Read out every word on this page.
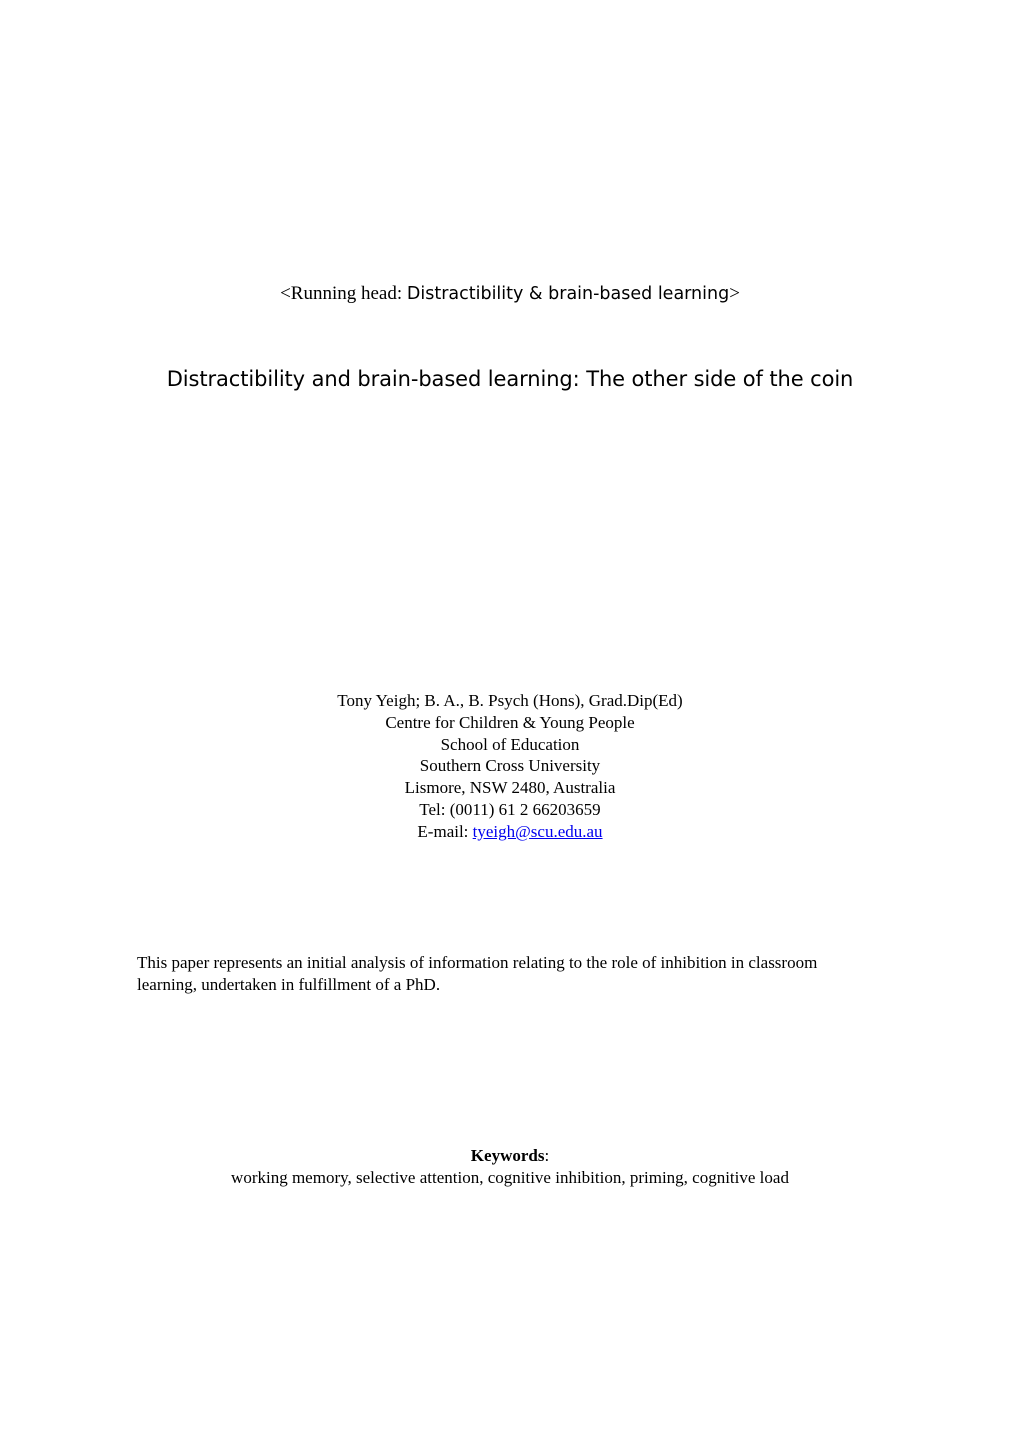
<Running head: Distractibility & brain-based learning>
Distractibility and brain-based learning: The other side of the coin
Tony Yeigh; B. A., B. Psych (Hons), Grad.Dip(Ed)
Centre for Children & Young People
School of Education
Southern Cross University
Lismore, NSW 2480, Australia
Tel: (0011) 61 2 66203659
E-mail: tyeigh@scu.edu.au
This paper represents an initial analysis of information relating to the role of inhibition in classroom learning, undertaken in fulfillment of a PhD.
Keywords:
working memory, selective attention, cognitive inhibition, priming, cognitive load
